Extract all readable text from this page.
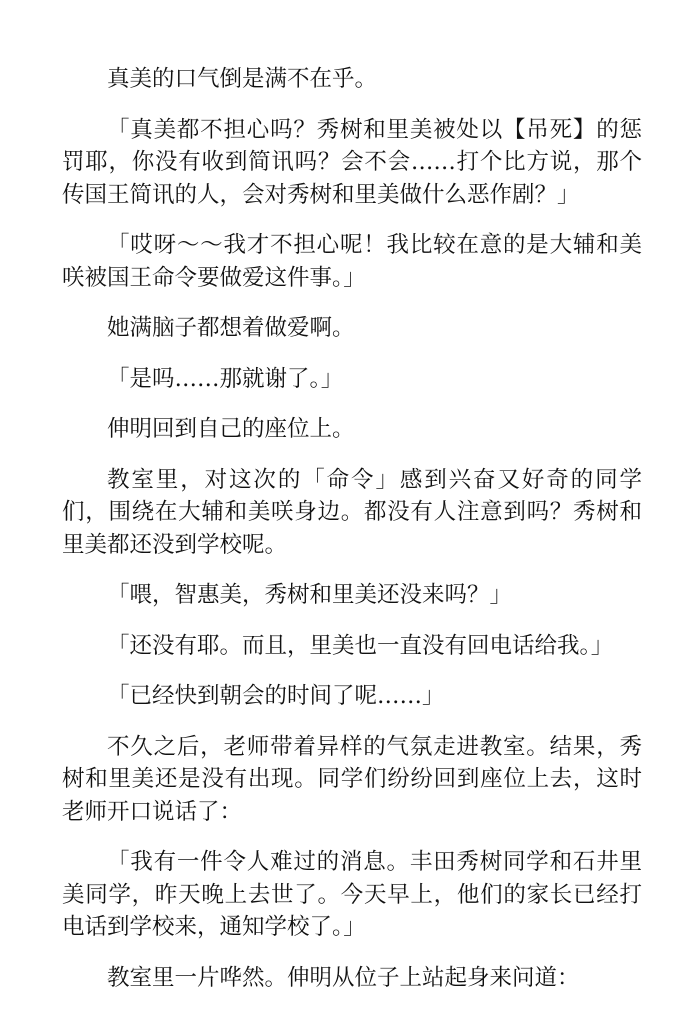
真美的口气倒是满不在乎。

「真美都不担心吗？秀树和里美被处以【吊死】的惩罚耶，你没有收到简讯吗？会不会……打个比方说，那个传国王简讯的人，会对秀树和里美做什么恶作剧？」

「哎呀～～我才不担心呢！我比较在意的是大辅和美咲被国王命令要做爱这件事。」

她满脑子都想着做爱啊。

「是吗……那就谢了。」

伸明回到自己的座位上。

教室里，对这次的「命令」感到兴奋又好奇的同学们，围绕在大辅和美咲身边。都没有人注意到吗？秀树和里美都还没到学校呢。

「喂，智惠美，秀树和里美还没来吗？」

「还没有耶。而且，里美也一直没有回电话给我。」

「已经快到朝会的时间了呢……」

不久之后，老师带着异样的气氛走进教室。结果，秀树和里美还是没有出现。同学们纷纷回到座位上去，这时老师开口说话了：

「我有一件令人难过的消息。丰田秀树同学和石井里美同学，昨天晚上去世了。今天早上，他们的家长已经打电话到学校来，通知学校了。」

教室里一片哗然。伸明从位子上站起身来问道：
